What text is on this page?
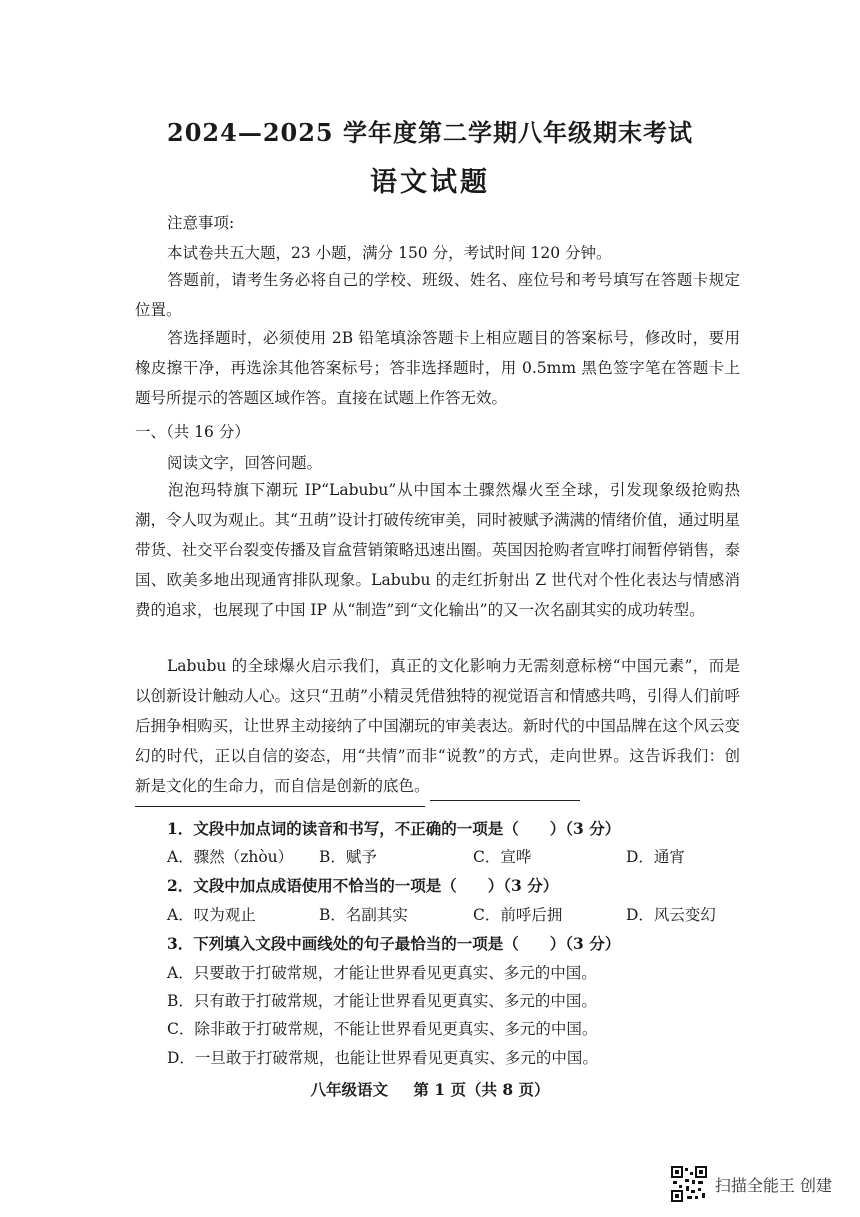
2024—2025 学年度第二学期八年级期末考试
语文试题
注意事项:
本试卷共五大题，23 小题，满分 150 分，考试时间 120 分钟。
答题前，请考生务必将自己的学校、班级、姓名、座位号和考号填写在答题卡规定位置。
答选择题时，必须使用 2B 铅笔填涂答题卡上相应题目的答案标号，修改时，要用橡皮擦干净，再选涂其他答案标号；答非选择题时，用 0.5mm 黑色签字笔在答题卡上题号所提示的答题区域作答。直接在试题上作答无效。
一、（共 16 分）
阅读文字，回答问题。
泡泡玛特旗下潮玩 IP“Labubu”从中国本土骤然爆火至全球，引发现象级抢购热潮，令人叹为观止。其“丑萌”设计打破传统审美，同时被赋予满满的情绪价值，通过明星带货、社交平台裂变传播及盲盒营销策略迅速出圈。英国因抢购者宣哗打闹暂停销售，泰国、欧美多地出现通宵排队现象。Labubu 的走红折射出 Z 世代对个性化表达与情感消费的追求，也展现了中国 IP 从“制造”到“文化输出”的又一次名副其实的成功转型。
Labubu 的全球爆火启示我们，真正的文化影响力无需刻意标榜“中国元素”，而是以创新设计触动人心。这只“丑萌”小精灵凭借独特的视觉语言和情感共鸣，引得人们前呼后拥争相购买，让世界主动接纳了中国潮玩的审美表达。新时代的中国品牌在这个风云变幻的时代，正以自信的姿态，用“共情”而非“说教”的方式，走向世界。这告诉我们：创新是文化的生命力，而自信是创新的底色。
1．文段中加点词的读音和书写，不正确的一项是（　　）（3 分）
A．骤然（zhòu） B．赋予	C．宣哗	D．通宵
2．文段中加点成语使用不恰当的一项是（　　）（3 分）
A．叹为观止	B．名副其实	C．前呼后拥	D．风云变幻
3．下列填入文段中画线处的句子最恰当的一项是（　　）（3 分）
A．只要敢于打破常规，才能让世界看见更真实、多元的中国。
B．只有敢于打破常规，才能让世界看见更真实、多元的中国。
C．除非敢于打破常规，不能让世界看见更真实、多元的中国。
D．一旦敢于打破常规，也能让世界看见更真实、多元的中国。
八年级语文 第 1 页（共 8 页）
扫描全能王 创建
